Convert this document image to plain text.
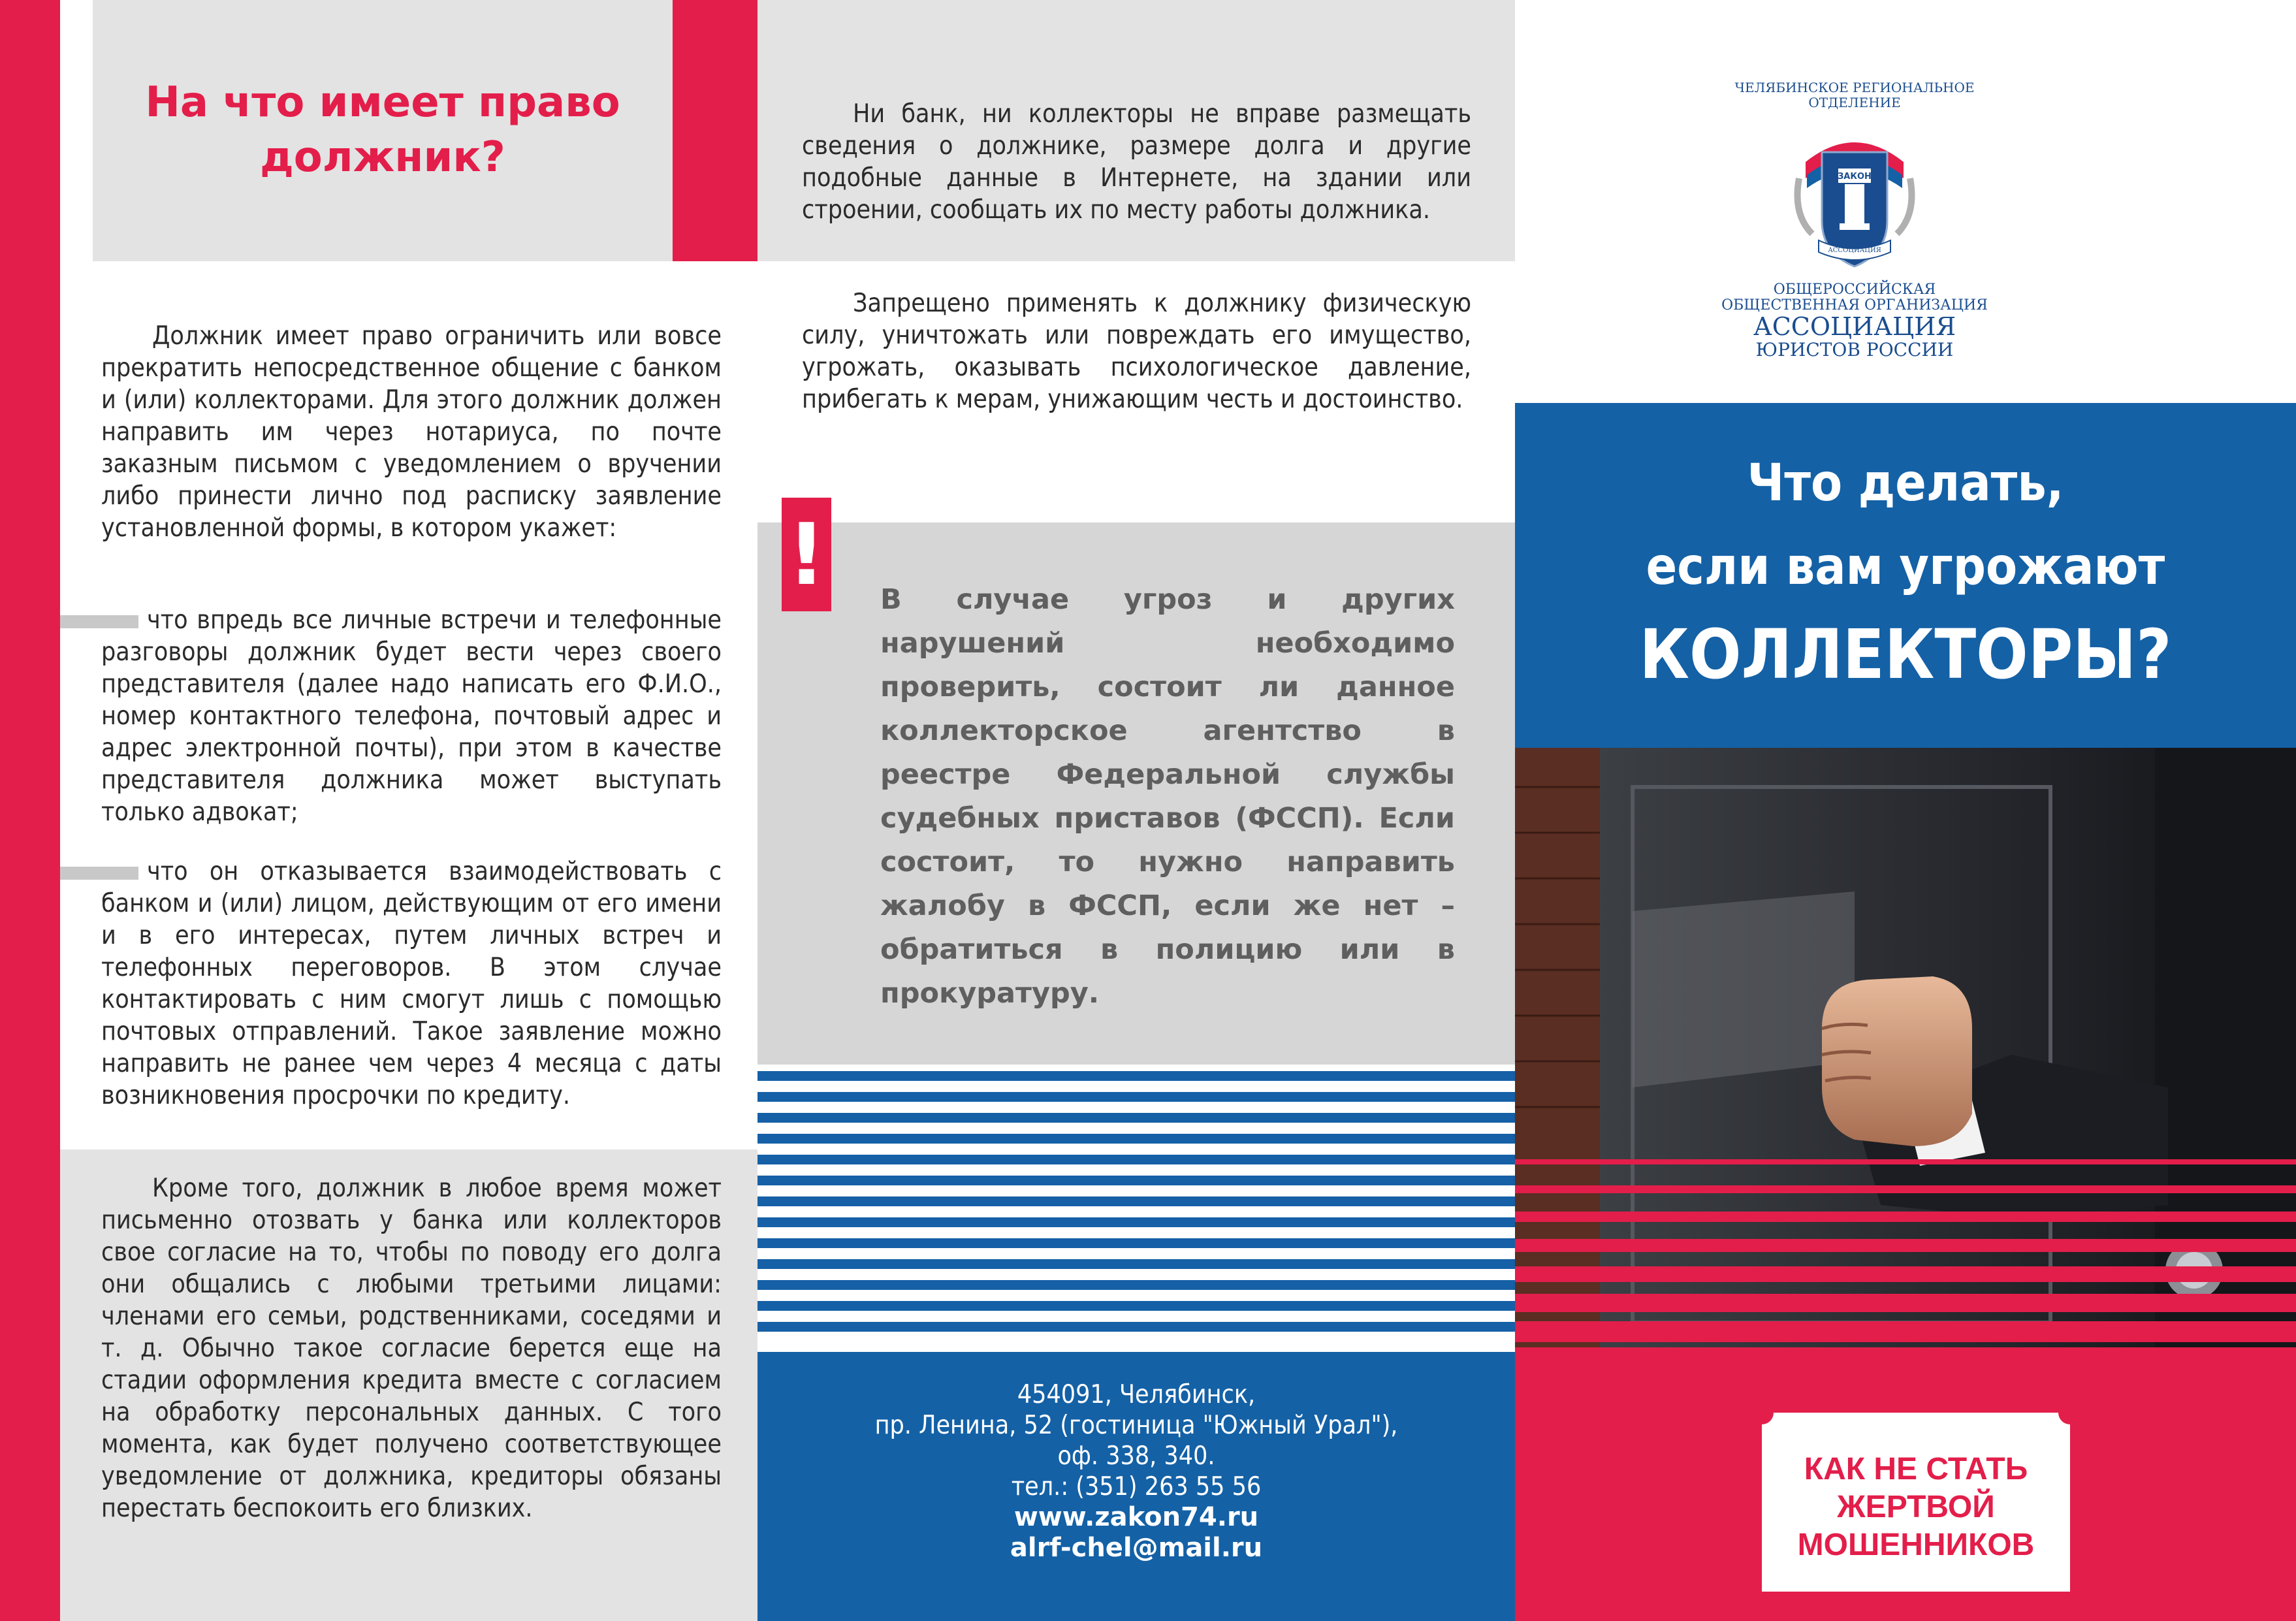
На что имеет право должник?
Должник имеет право ограничить или вовсе прекратить непосредственное общение с банком и (или) коллекторами. Для этого должник должен направить им через нотариуса, по почте заказным письмом с уведомлением о вручении либо принести лично под расписку заявление установленной формы, в котором укажет:
что впредь все личные встречи и телефонные разговоры должник будет вести через своего представителя (далее надо написать его Ф.И.О., номер контактного телефона, почтовый адрес и адрес электронной почты), при этом в качестве представителя должника может выступать только адвокат;
что он отказывается взаимодействовать с банком и (или) лицом, действующим от его имени и в его интересах, путем личных встреч и телефонных переговоров. В этом случае контактировать с ним смогут лишь с помощью почтовых отправлений. Такое заявление можно направить не ранее чем через 4 месяца с даты возникновения просрочки по кредиту.
Кроме того, должник в любое время может письменно отозвать у банка или коллекторов свое согласие на то, чтобы по поводу его долга они общались с любыми третьими лицами: членами его семьи, родственниками, соседями и т. д. Обычно такое согласие берется еще на стадии оформления кредита вместе с согласием на обработку персональных данных. С того момента, как будет получено соответствующее уведомление от должника, кредиторы обязаны перестать беспокоить его близких.
Ни банк, ни коллекторы не вправе размещать сведения о должнике, размере долга и другие подобные данные в Интернете, на здании или строении, сообщать их по месту работы должника.
Запрещено применять к должнику физическую силу, уничтожать или повреждать его имущество, угрожать, оказывать психологическое давление, прибегать к мерам, унижающим честь и достоинство.
! В случае угроз и других нарушений необходимо проверить, состоит ли данное коллекторское агентство в реестре Федеральной службы судебных приставов (ФССП). Если состоит, то нужно направить жалобу в ФССП, если же нет – обратиться в полицию или в прокуратуру.
454091, Челябинск,
пр. Ленина, 52 (гостиница "Южный Урал"),
оф. 338, 340.
тел.: (351) 263 55 56
www.zakon74.ru
alrf-chel@mail.ru
ЧЕЛЯБИНСКОЕ РЕГИОНАЛЬНОЕ
ОТДЕЛЕНИЕ
ЗАКОН
АССОЦИАЦИЯ
ОБЩЕРОССИЙСКАЯ
ОБЩЕСТВЕННАЯ ОРГАНИЗАЦИЯ
АССОЦИАЦИЯ
ЮРИСТОВ РОССИИ
Что делать,
если вам угрожают
КОЛЛЕКТОРЫ?
КАК НЕ СТАТЬ
ЖЕРТВОЙ
МОШЕННИКОВ
